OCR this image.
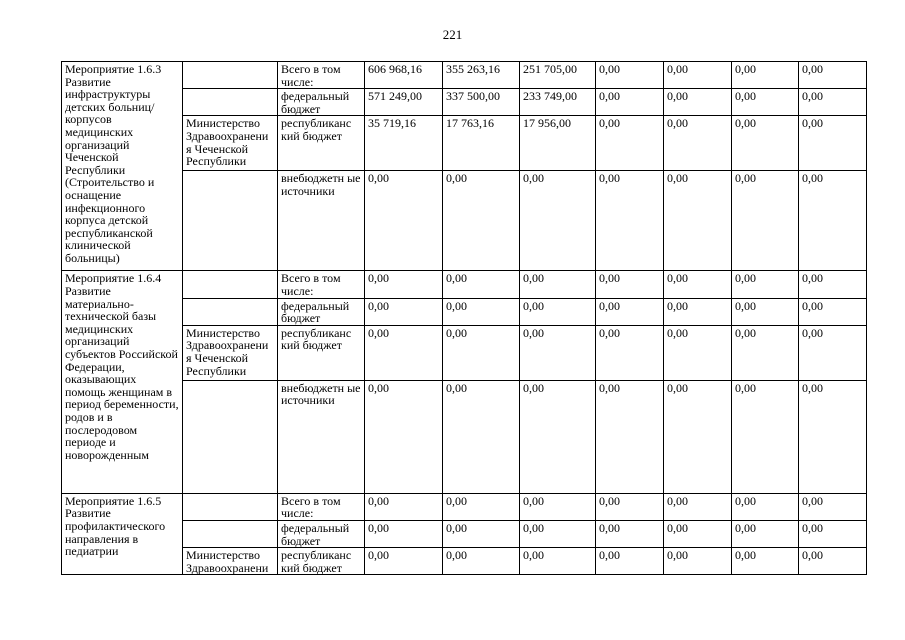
221
Мероприятие 1.6.3 Развитие инфраструктуры детских больниц/корпусов медицинских организаций Чеченской Республики (Строительство и оснащение инфекционного корпуса детской республиканской клинической больницы)		Всего в том числе:	606 968,16	355 263,16	251 705,00	0,00	0,00	0,00	0,00
		федеральный бюджет	571 249,00	337 500,00	233 749,00	0,00	0,00	0,00	0,00
	Министерство Здравоохранени я Чеченской Республики	республиканс кий бюджет	35 719,16	17 763,16	17 956,00	0,00	0,00	0,00	0,00
		внебюджетн ые источники	0,00	0,00	0,00	0,00	0,00	0,00	0,00
Мероприятие 1.6.4 Развитие материально-технической базы медицинских организаций субъектов Российской Федерации, оказывающих помощь женщинам в период беременности, родов и в послеродовом периоде и новорожденным		Всего в том числе:	0,00	0,00	0,00	0,00	0,00	0,00	0,00
		федеральный бюджет	0,00	0,00	0,00	0,00	0,00	0,00	0,00
	Министерство Здравоохранени я Чеченской Республики	республиканс кий бюджет	0,00	0,00	0,00	0,00	0,00	0,00	0,00
		внебюджетн ые источники	0,00	0,00	0,00	0,00	0,00	0,00	0,00
Мероприятие 1.6.5 Развитие профилактического направления в педиатрии		Всего в том числе:	0,00	0,00	0,00	0,00	0,00	0,00	0,00
		федеральный бюджет	0,00	0,00	0,00	0,00	0,00	0,00	0,00
	Министерство Здравоохранени	республиканс кий бюджет	0,00	0,00	0,00	0,00	0,00	0,00	0,00
